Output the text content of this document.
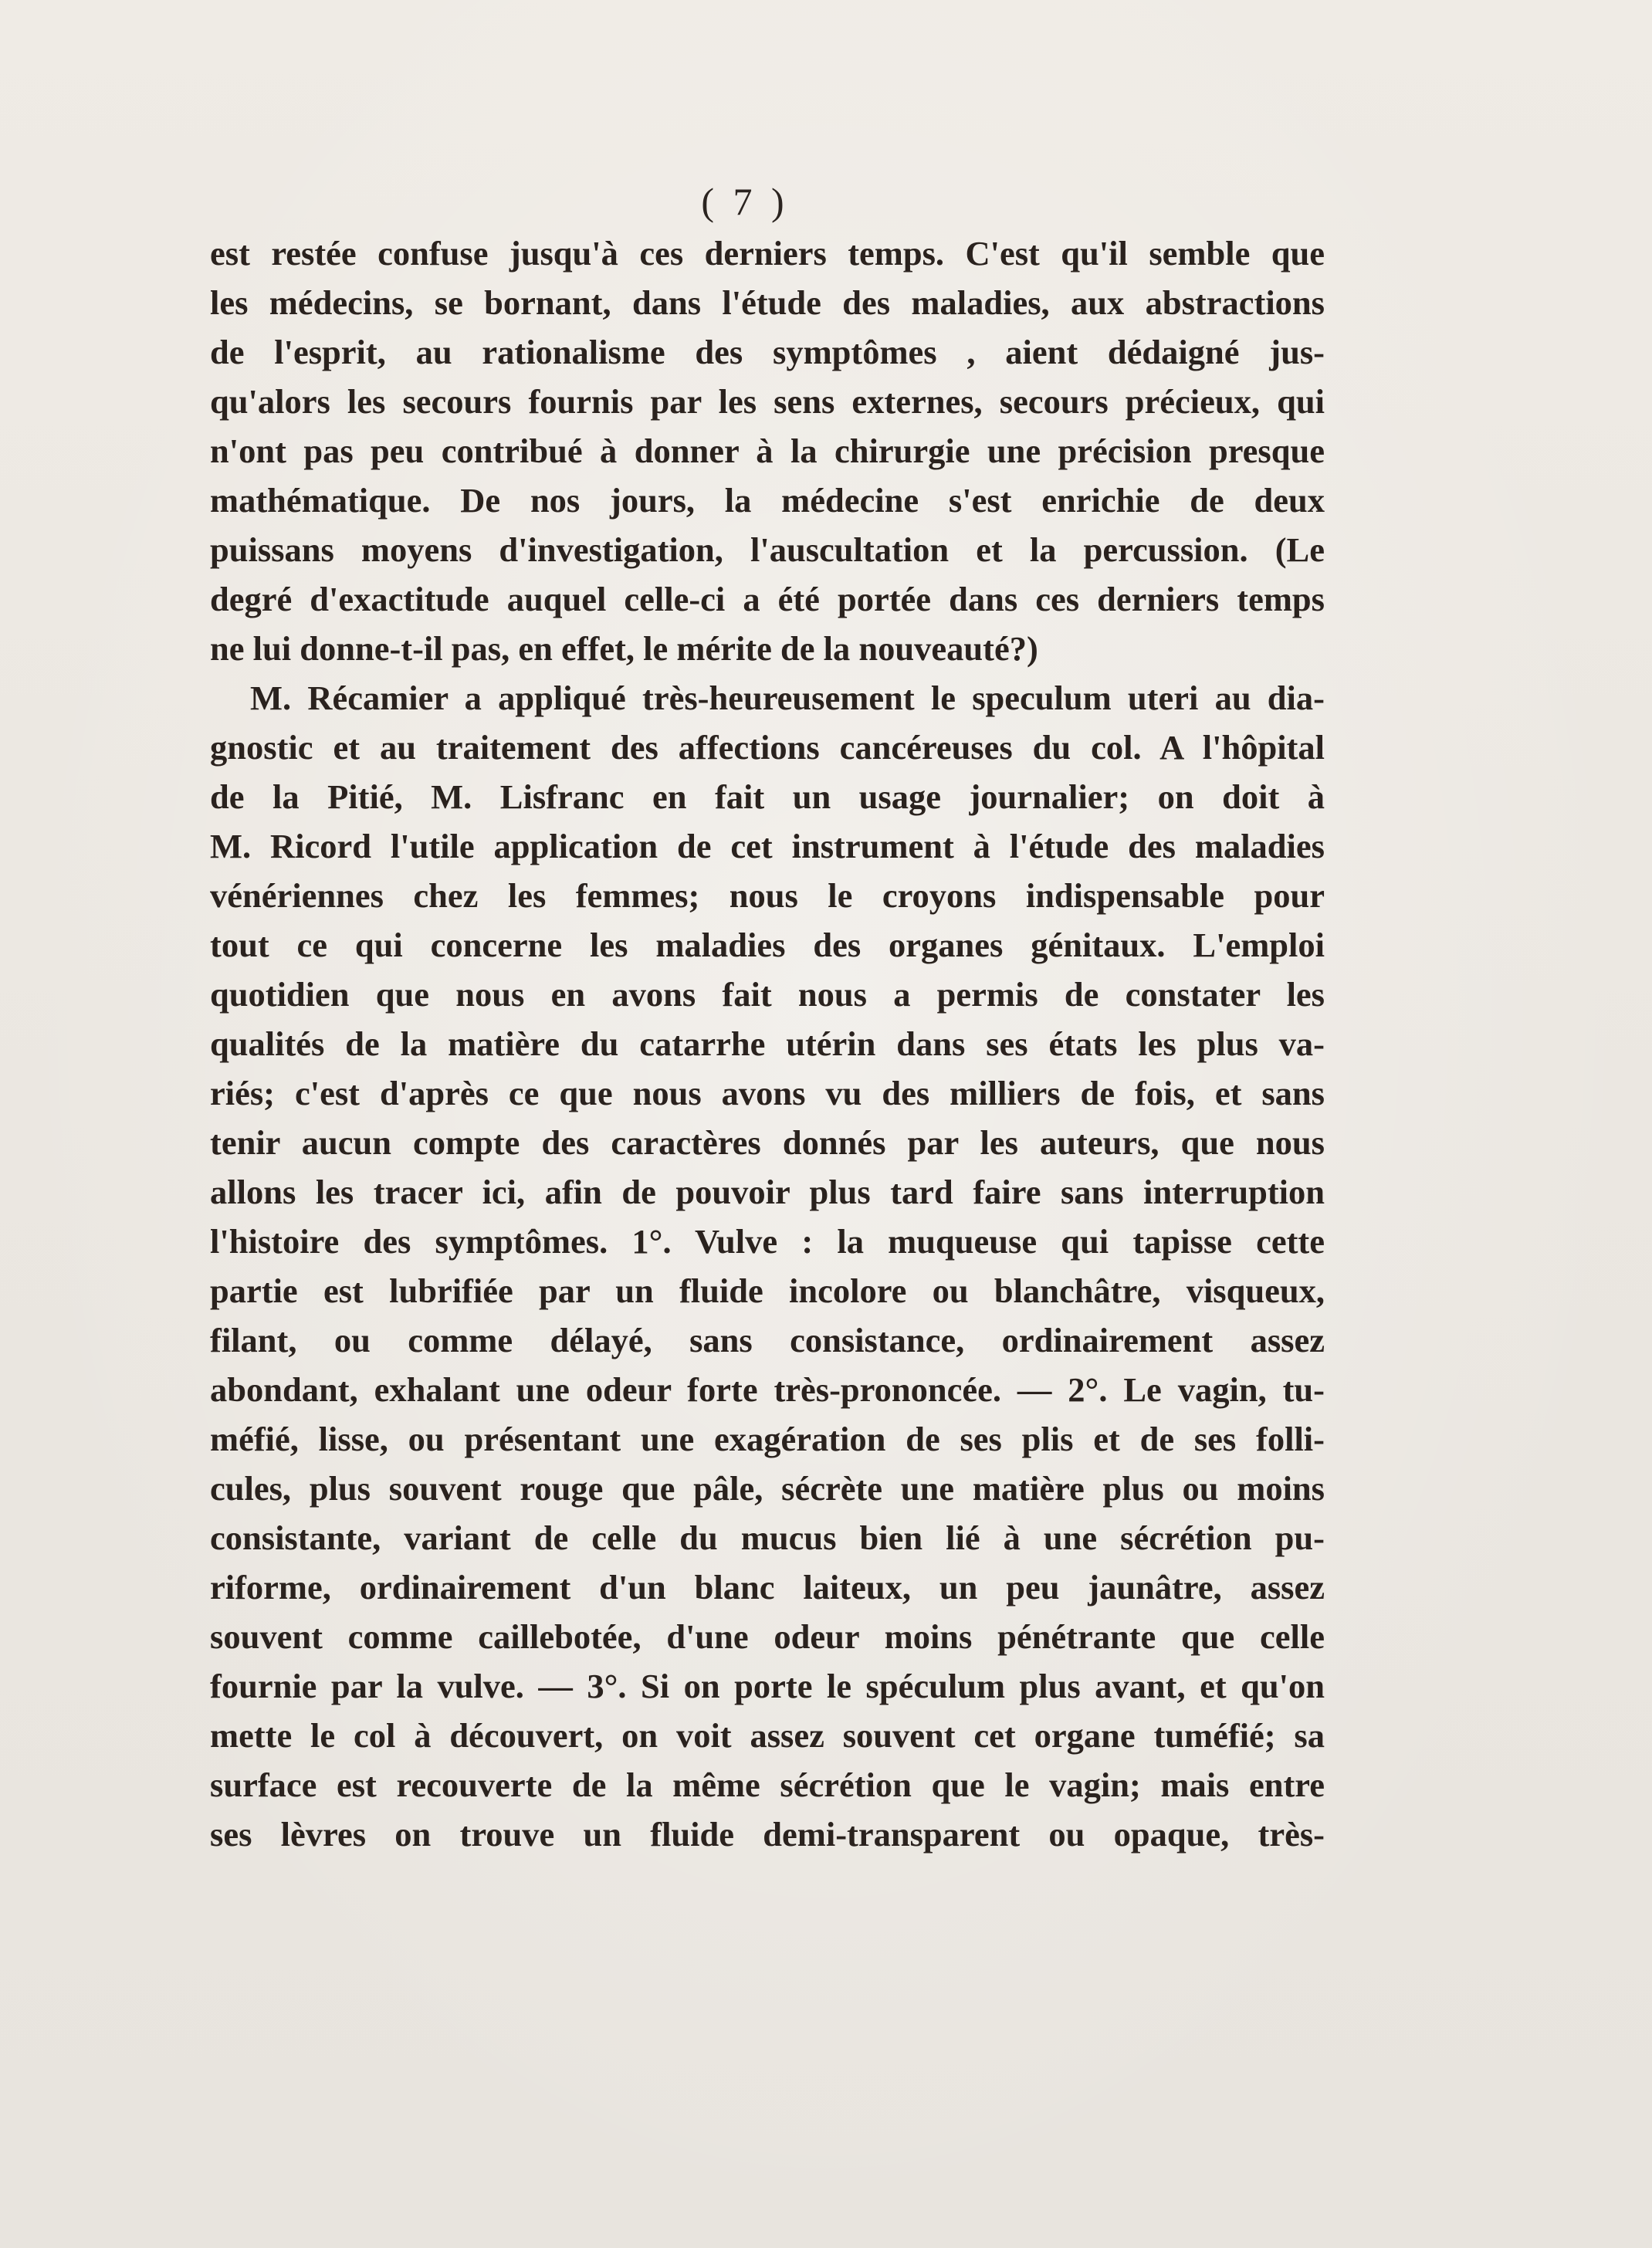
( 7 )
est restée confuse jusqu'à ces derniers temps. C'est qu'il semble que
les médecins, se bornant, dans l'étude des maladies, aux abstractions
de l'esprit, au rationalisme des symptômes , aient dédaigné jus-
qu'alors les secours fournis par les sens externes, secours précieux, qui
n'ont pas peu contribué à donner à la chirurgie une précision presque
mathématique. De nos jours, la médecine s'est enrichie de deux
puissans moyens d'investigation, l'auscultation et la percussion. (Le
degré d'exactitude auquel celle-ci a été portée dans ces derniers temps
ne lui donne-t-il pas, en effet, le mérite de la nouveauté?)
M. Récamier a appliqué très-heureusement le speculum uteri au dia-
gnostic et au traitement des affections cancéreuses du col. A l'hôpital
de la Pitié, M. Lisfranc en fait un usage journalier; on doit à
M. Ricord l'utile application de cet instrument à l'étude des maladies
vénériennes chez les femmes; nous le croyons indispensable pour
tout ce qui concerne les maladies des organes génitaux. L'emploi
quotidien que nous en avons fait nous a permis de constater les
qualités de la matière du catarrhe utérin dans ses états les plus va-
riés; c'est d'après ce que nous avons vu des milliers de fois, et sans
tenir aucun compte des caractères donnés par les auteurs, que nous
allons les tracer ici, afin de pouvoir plus tard faire sans interruption
l'histoire des symptômes. 1°. Vulve : la muqueuse qui tapisse cette
partie est lubrifiée par un fluide incolore ou blanchâtre, visqueux,
filant, ou comme délayé, sans consistance, ordinairement assez
abondant, exhalant une odeur forte très-prononcée. — 2°. Le vagin, tu-
méfié, lisse, ou présentant une exagération de ses plis et de ses folli-
cules, plus souvent rouge que pâle, sécrète une matière plus ou moins
consistante, variant de celle du mucus bien lié à une sécrétion pu-
riforme, ordinairement d'un blanc laiteux, un peu jaunâtre, assez
souvent comme caillebotée, d'une odeur moins pénétrante que celle
fournie par la vulve. — 3°. Si on porte le spéculum plus avant, et qu'on
mette le col à découvert, on voit assez souvent cet organe tuméfié; sa
surface est recouverte de la même sécrétion que le vagin; mais entre
ses lèvres on trouve un fluide demi-transparent ou opaque, très-
